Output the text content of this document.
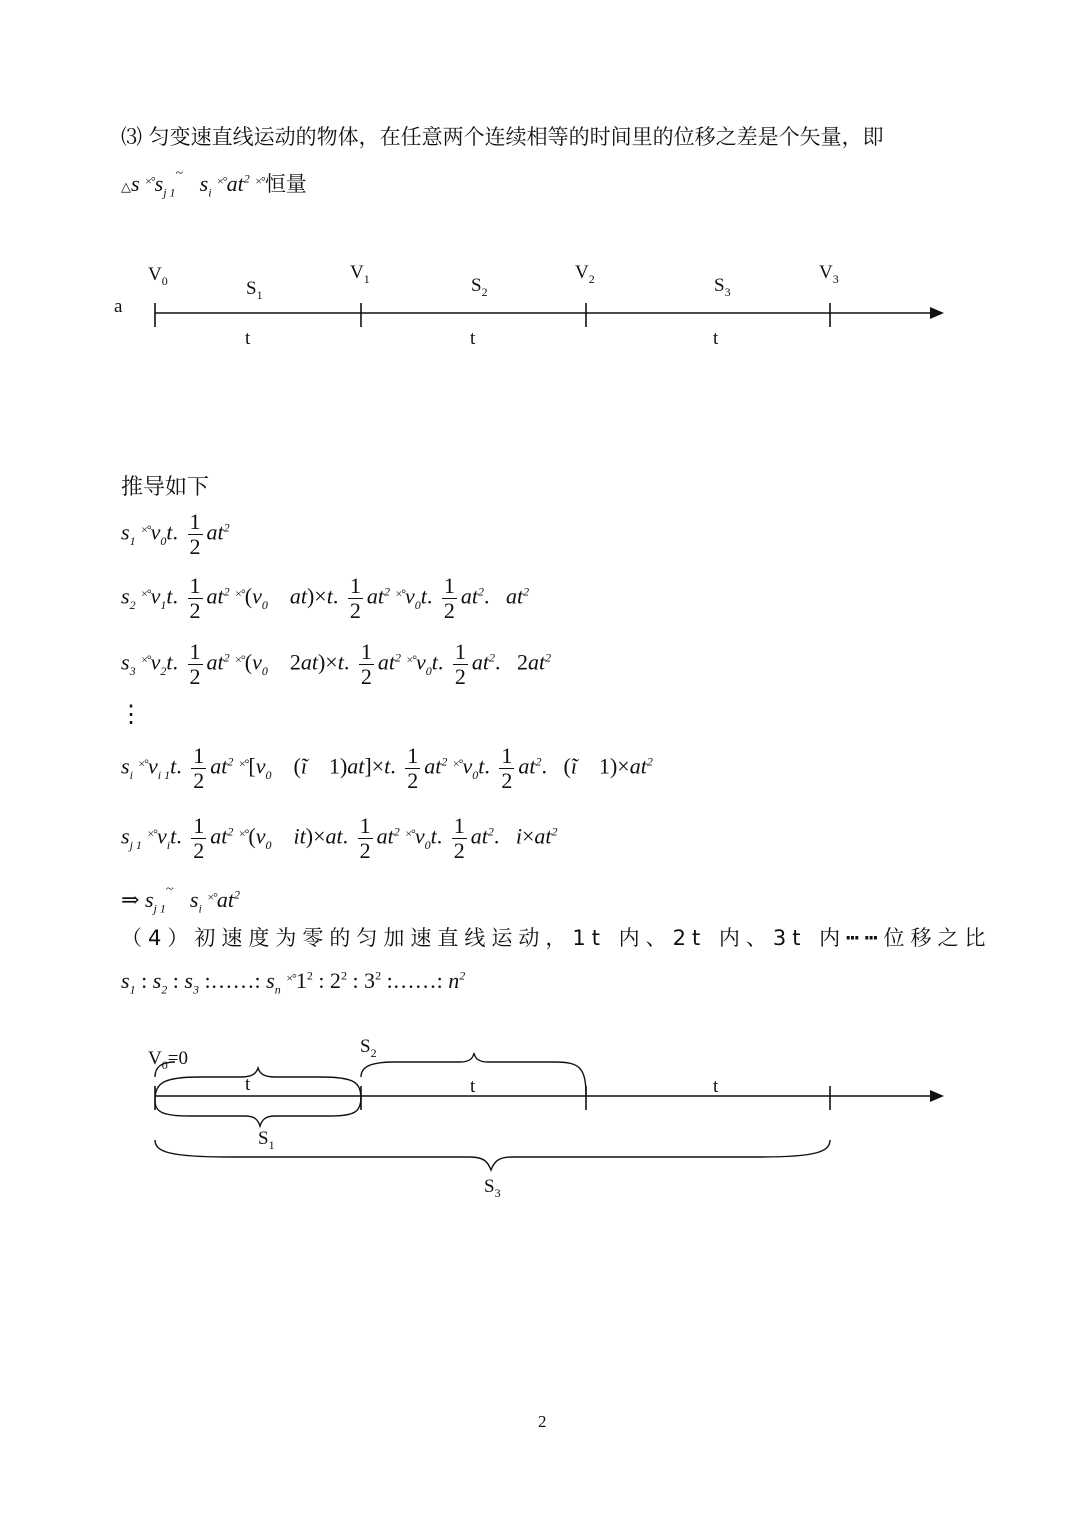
⑶ 匀变速直线运动的物体，在任意两个连续相等的时间里的位移之差是个矢量，即
△s $^{\times^\circ}s_{j 1}^\sim$   $s_i$ $^{\times^\circ}at^2$ ×°恒量
a
$V_0$	$V_1$	$V_2$	$V_3$
$S_1$	$S_2$	$S_3$
t	t	t
推导如下
$s_1$ $^{\times^\circ}v_0t$. $\frac{1}{2} at^2$
$s_2$ $^{\times^\circ}v_1t$. $\frac{1}{2} at^2$ $^{\times^\circ}(v_0$    at)×t. $\frac{1}{2} at^2$ $^{\times^\circ}v_0t$. $\frac{1}{2} at^2$.   $at^2$
$s_3$ $^{\times^\circ}v_2t$. $\frac{1}{2} at^2$ $^{\times^\circ}(v_0$ 2at)×t. $\frac{1}{2} at^2$ $^{\times^\circ}v_0t$. $\frac{1}{2} at^2$. $2at^2$
⋮
$s_i$ $^{\times^\circ}v_{i 1}t$. $\frac{1}{2} at^2$ $^{\times^\circ}[v_0$ (ĩ    1)at]×t. $\frac{1}{2} at^2$ $^{\times^\circ}v_0t$. $\frac{1}{2} at^2$. (ĩ    $1)\times at^2$
$s_{j 1}$ $^{\times^\circ}v_it$. $\frac{1}{2} at^2$ $^{\times^\circ}(v_0$    it)×at. $\frac{1}{2} at^2$ $^{\times^\circ}v_0t$. $\frac{1}{2} at^2$.   $i\times at^2$
⇒ $s_{j 1}^\sim$   $s_i$ $^{\times^\circ}at^2$
（4）初速度为零的匀加速直线运动，1t 内、2t 内、3t 内┅┅位移之比
$s_1$ : $s_2$ : $s_3$ :……: $s_n$ $^{\times^\circ}1^2$ : $2^2$ : $3^2$ :……: $n^2$
$V_0=0$
$S_2$
t	t	t
$S_1$
$S_3$
2
